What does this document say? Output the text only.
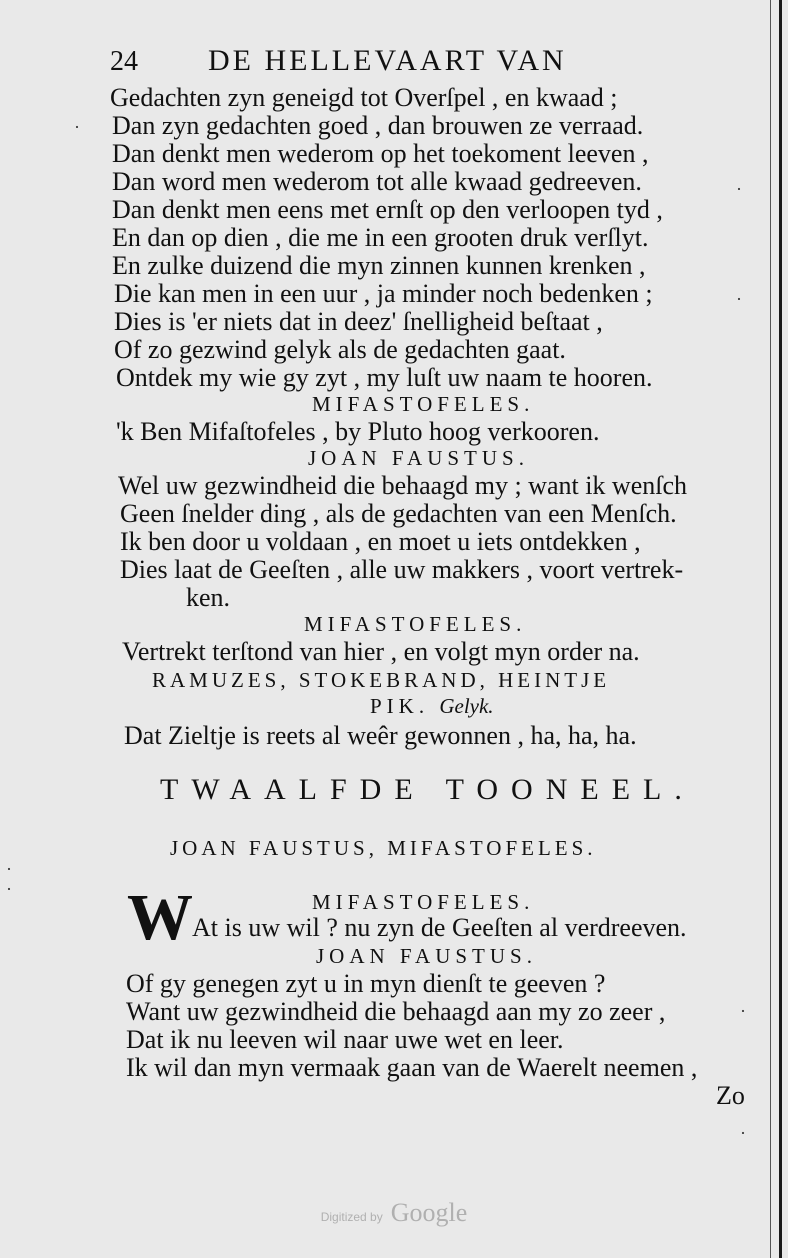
24 DE HELLEVAART VAN
Gedachten zyn geneigd tot Overſpel , en kwaad ;
Dan zyn gedachten goed , dan brouwen ze verraad.
Dan denkt men wederom op het toekoment leeven ,
Dan word men wederom tot alle kwaad gedreeven.
Dan denkt men eens met ernſt op den verloopen tyd ,
En dan op dien , die me in een grooten druk verſlyt.
En zulke duizend die myn zinnen kunnen krenken ,
Die kan men in een uur , ja minder noch bedenken ;
Dies is 'er niets dat in deez' ſnelligheid beſtaat ,
Of zo gezwind gelyk als de gedachten gaat.
Ontdek my wie gy zyt , my luſt uw naam te hooren.
MIFASTOFELES.
'k Ben Mifaſtofeles , by Pluto hoog verkooren.
JOAN FAUSTUS.
Wel uw gezwindheid die behaagd my ; want ik wenſch
Geen ſnelder ding , als de gedachten van een Menſch.
Ik ben door u voldaan , en moet u iets ontdekken ,
Dies laat de Geeſten , alle uw makkers , voort vertrek-
ken.
MIFASTOFELES.
Vertrekt terſtond van hier , en volgt myn order na.
RAMUZES, STOKEBRAND, HEINTJE
PIK. Gelyk.
Dat Zieltje is reets al weêr gewonnen , ha, ha, ha.
TWAALFDE TOONEEL.
JOAN FAUSTUS, MIFASTOFELES.
MIFASTOFELES.
W At is uw wil ? nu zyn de Geeſten al verdreeven.
JOAN FAUSTUS.
Of gy genegen zyt u in myn dienſt te geeven ?
Want uw gezwindheid die behaagd aan my zo zeer ,
Dat ik nu leeven wil naar uwe wet en leer.
Ik wil dan myn vermaak gaan van de Waerelt neemen ,
Zo
·
·
·
·
·
·
·
Digitized by Google
